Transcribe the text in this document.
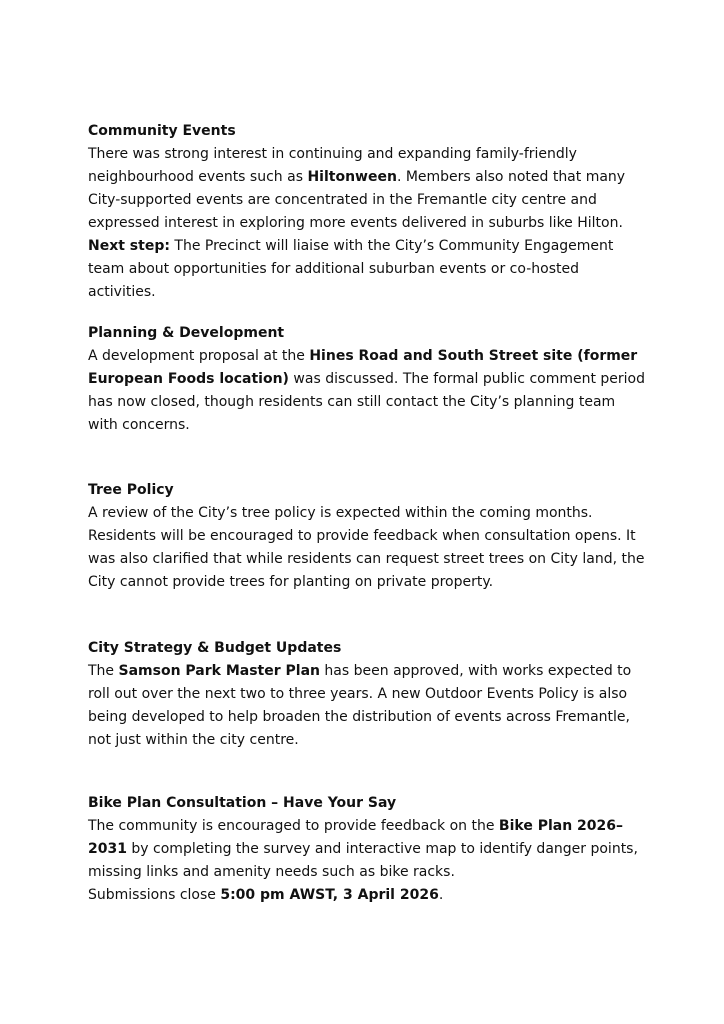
Community Events

There was strong interest in continuing and expanding family-friendly neighbourhood events such as Hiltonween. Members also noted that many City-supported events are concentrated in the Fremantle city centre and expressed interest in exploring more events delivered in suburbs like Hilton. Next step: The Precinct will liaise with the City’s Community Engagement team about opportunities for additional suburban events or co-hosted activities.

Planning & Development

A development proposal at the Hines Road and South Street site (former European Foods location) was discussed. The formal public comment period has now closed, though residents can still contact the City’s planning team with concerns.

Tree Policy

A review of the City’s tree policy is expected within the coming months. Residents will be encouraged to provide feedback when consultation opens. It was also clarified that while residents can request street trees on City land, the City cannot provide trees for planting on private property.

City Strategy & Budget Updates

The Samson Park Master Plan has been approved, with works expected to roll out over the next two to three years. A new Outdoor Events Policy is also being developed to help broaden the distribution of events across Fremantle, not just within the city centre.

Bike Plan Consultation – Have Your Say

The community is encouraged to provide feedback on the Bike Plan 2026–2031 by completing the survey and interactive map to identify danger points, missing links and amenity needs such as bike racks.

Submissions close 5:00 pm AWST, 3 April 2026.
